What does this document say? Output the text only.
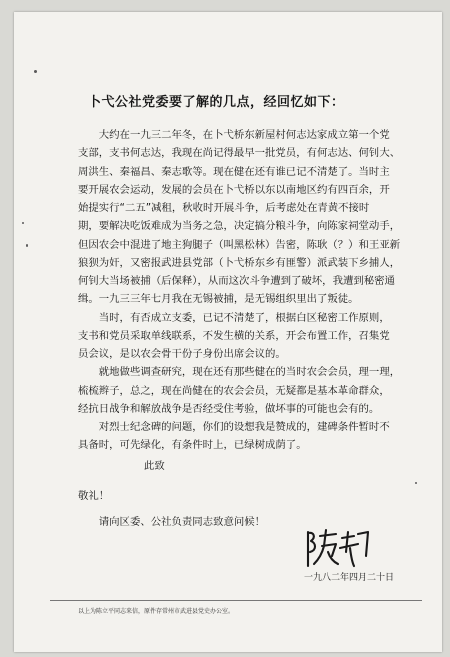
卜弋公社党委要了解的几点，经回忆如下：

　　大约在一九三二年冬，在卜弋桥东新屋村何志达家成立第一个党
支部，支书何志达，我现在尚记得最早一批党员，有何志达、何钊大、
周洪生、秦福昌、秦志歌等。现在健在还有谁已记不清楚了。当时主
要开展农会运动，发展的会员在卜弋桥以东以南地区约有四百余，开
始提实行“二五”减租，秋收时开展斗争，后考虑处在青黄不接时
期，要解决吃饭难成为当务之急，决定搞分粮斗争，向陈家祠堂动手，
但因农会中混进了地主狗腿子（叫黑松林）告密，陈耿（？）和王亚新
狼狈为奸，又密报武进县党部（卜弋桥东乡有匪警）派武装下乡捕人，
何钊大当场被捕（后保释），从而这次斗争遭到了破坏，我遭到秘密通
缉。一九三三年七月我在无锡被捕，是无锡组织里出了叛徒。

　　当时，有否成立支委，已记不清楚了，根据白区秘密工作原则，
支书和党员采取单线联系，不发生横的关系，开会布置工作，召集党
员会议，是以农会骨干份子身份出席会议的。

　　就地做些调查研究，现在还有那些健在的当时农会会员，理一理，
梳梳辫子，总之，现在尚健在的农会会员，无疑都是基本革命群众，
经抗日战争和解放战争是否经受住考验，做坏事的可能也会有的。

　　对烈士纪念碑的问题，你们的设想我是赞成的，建碑条件暂时不
具备时，可先绿化，有条件时上，已绿树成荫了。

此致

敬礼！

　　请向区委、公社负责同志致意问候！

一九八二年四月二十日
以上为陈立平同志来信，原件存常州市武进县党史办公室。
